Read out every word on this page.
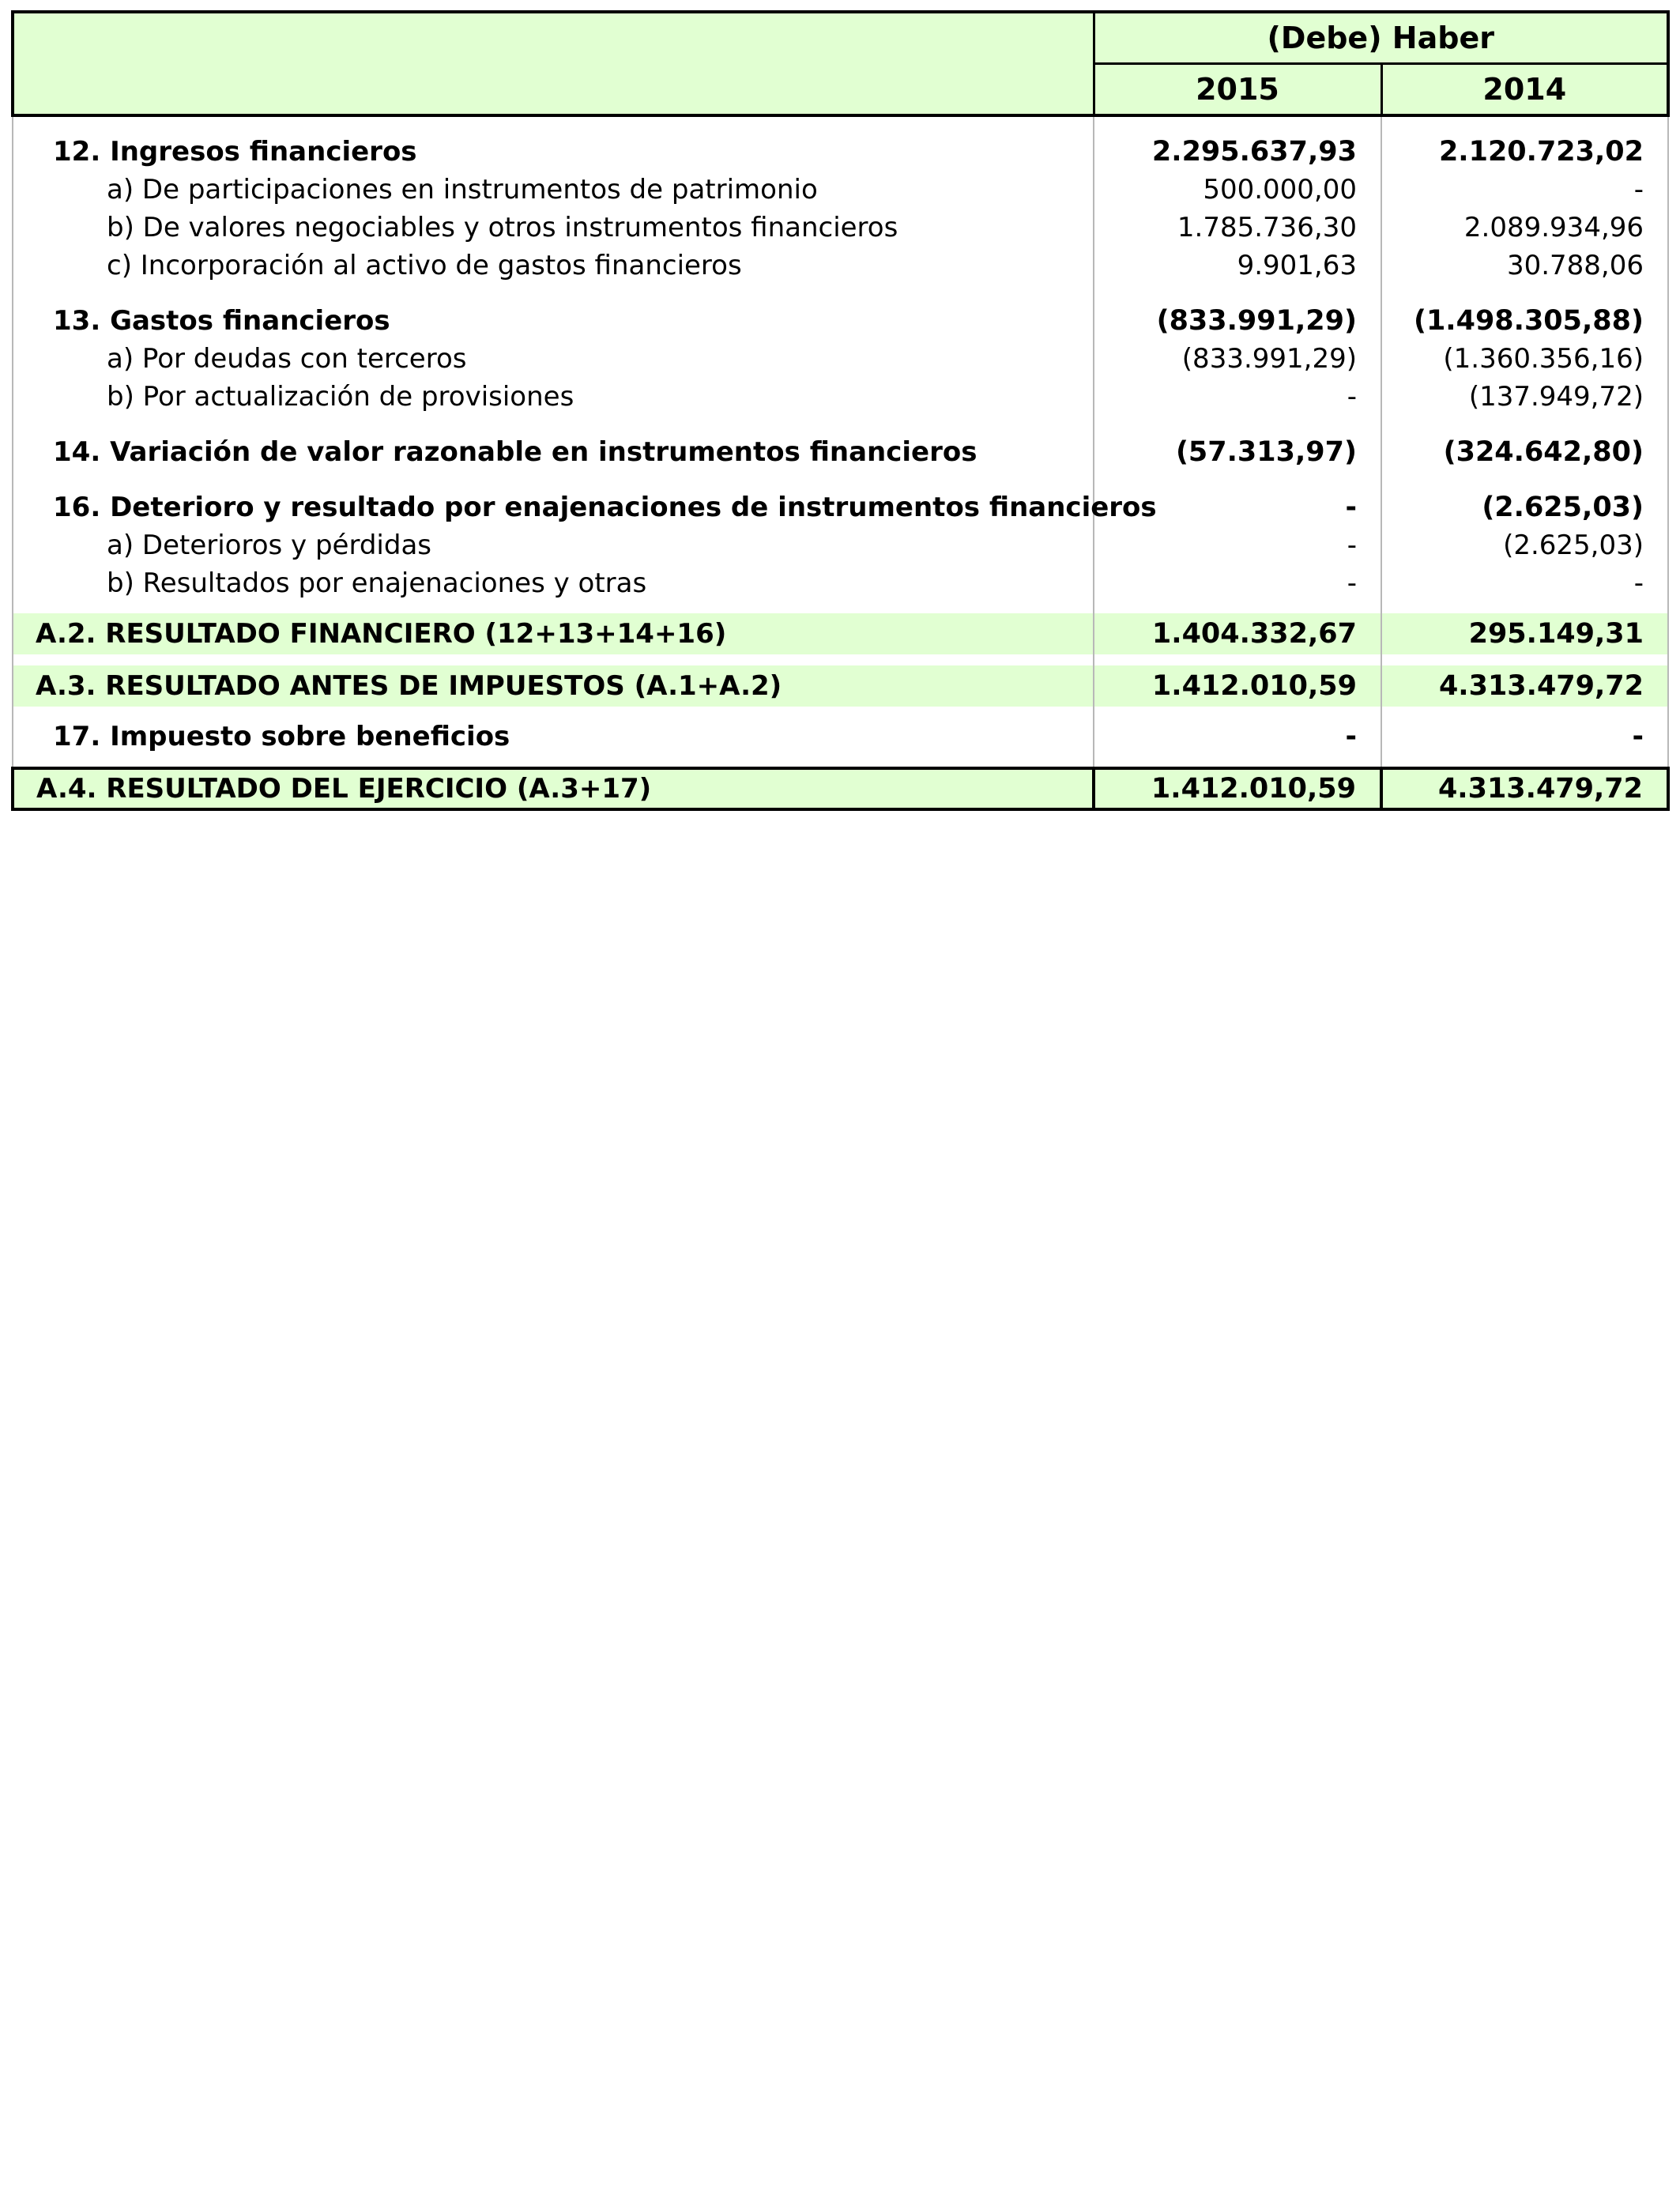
	(Debe) Haber	
	2015	2014

12. Ingresos financieros	2.295.637,93	2.120.723,02
a) De participaciones en instrumentos de patrimonio	500.000,00	-
b) De valores negociables y otros instrumentos financieros	1.785.736,30	2.089.934,96
c) Incorporación al activo de gastos financieros	9.901,63	30.788,06

13. Gastos financieros	(833.991,29)	(1.498.305,88)
a) Por deudas con terceros	(833.991,29)	(1.360.356,16)
b) Por actualización de provisiones	-	(137.949,72)

14. Variación de valor razonable en instrumentos financieros	(57.313,97)	(324.642,80)

16. Deterioro y resultado por enajenaciones de instrumentos financieros	-	(2.625,03)
a) Deterioros y pérdidas	-	(2.625,03)
b) Resultados por enajenaciones y otras	-	-

A.2. RESULTADO FINANCIERO (12+13+14+16)	1.404.332,67	295.149,31

A.3. RESULTADO ANTES DE IMPUESTOS (A.1+A.2)	1.412.010,59	4.313.479,72

17. Impuesto sobre beneficios	-	-

A.4. RESULTADO DEL EJERCICIO (A.3+17)	1.412.010,59	4.313.479,72
